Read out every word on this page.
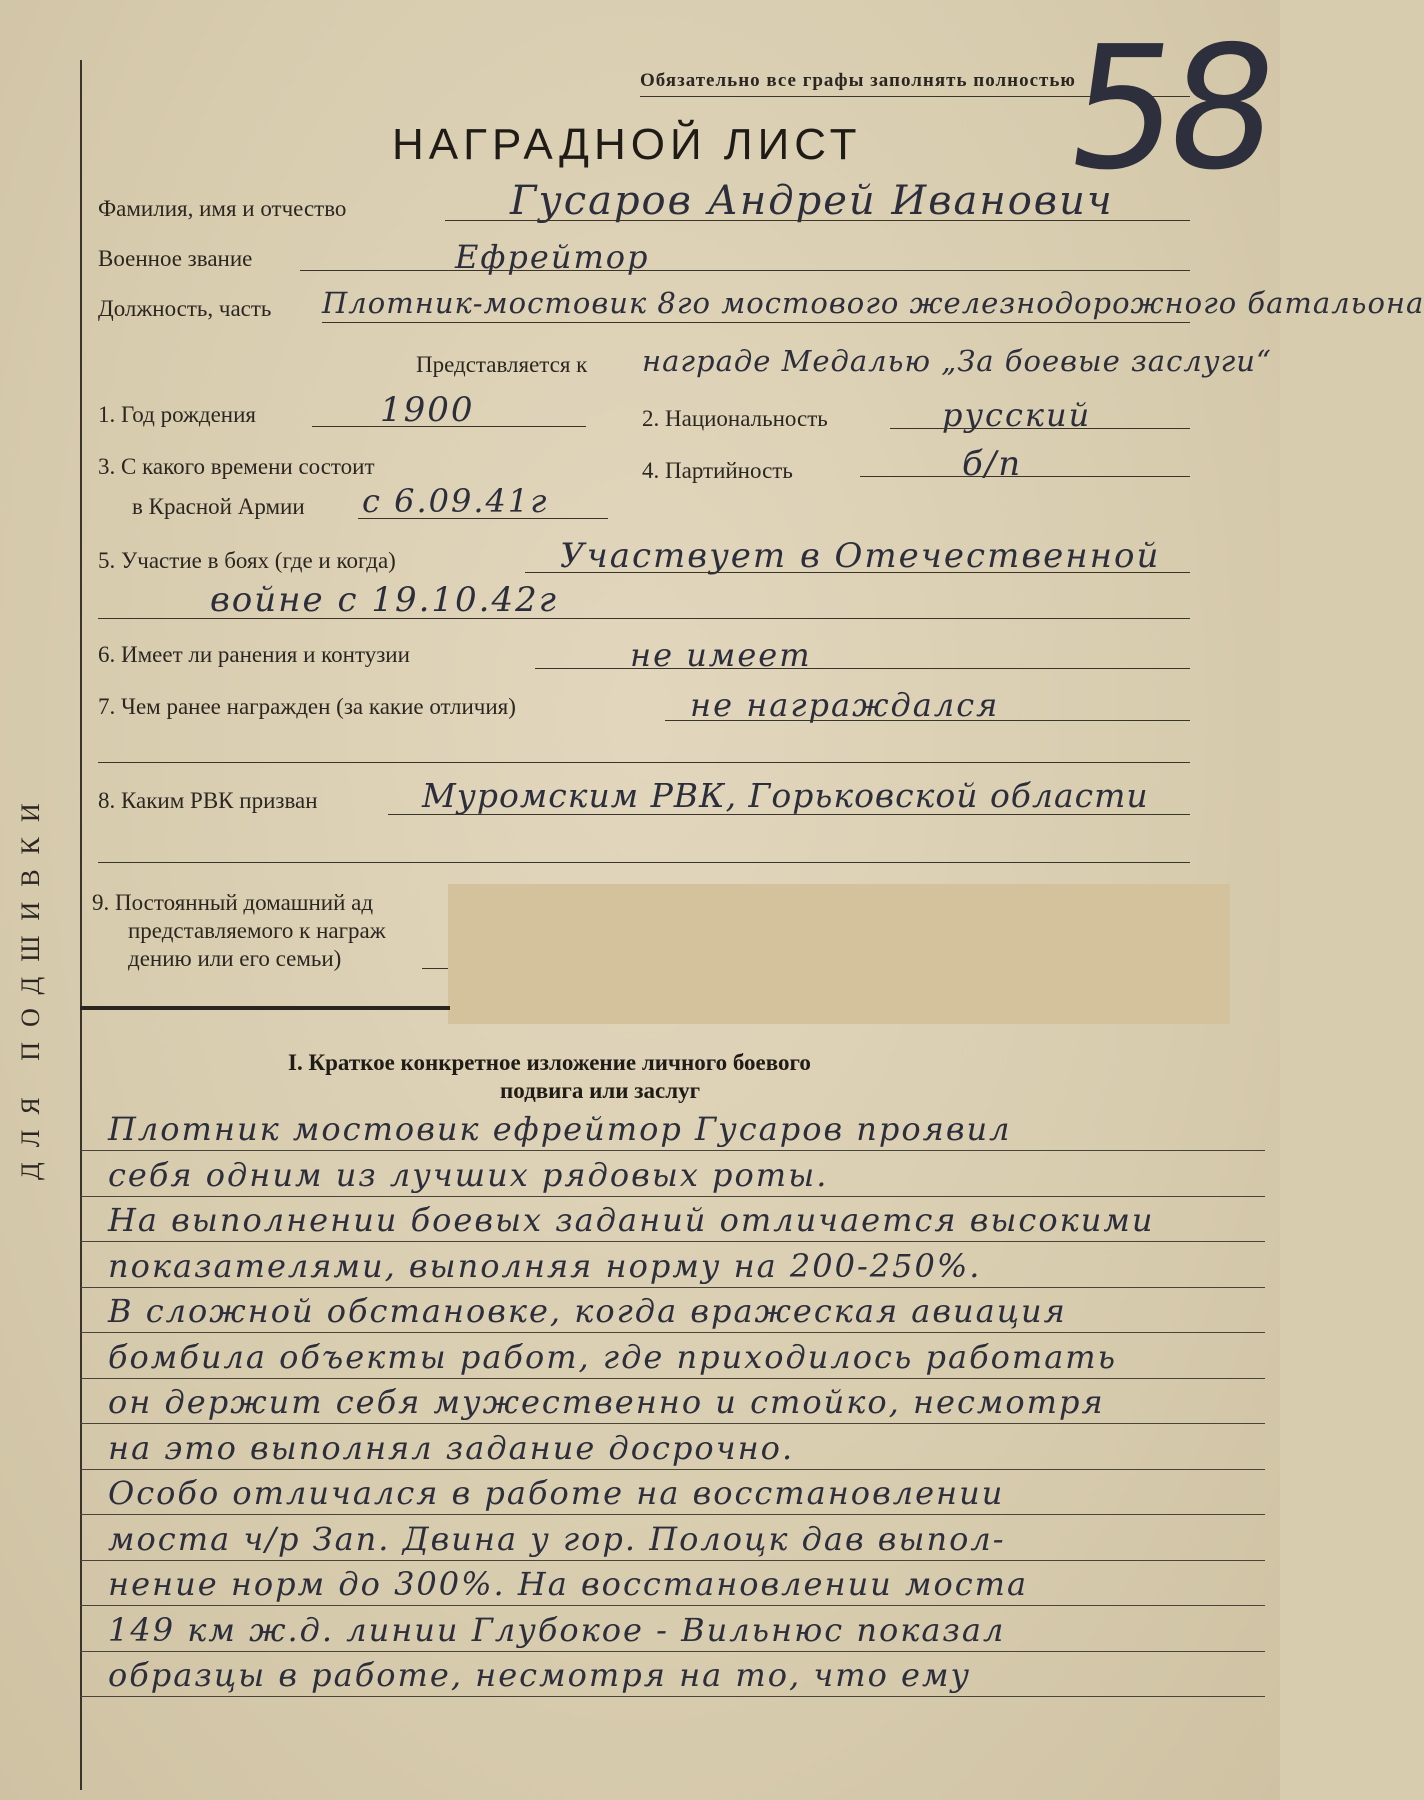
ДЛЯ ПОДШИВКИ
Обязательно все графы заполнять полностью
НАГРАДНОЙ ЛИСТ 58
Фамилия, имя и отчество	Гусаров Андрей Иванович
Военное звание	Ефрейтор
Должность, часть Плотник-мостовик 8го мостового железнодорожного батальона
Представляется к награде Медалью „За боевые заслуги“
1. Год рождения	1900	2. Национальность	русский
3. С какого времени состоит
в Красной Армии с 6.09.41г
4. Партийность	б/п
5. Участие в боях (где и когда)	Участвует в Отечественной
войне с 19.10.42г
6. Имеет ли ранения и контузии	не имеет
7. Чем ранее награжден (за какие отличия)	не награждался
8. Каким РВК призван	Муромским РВК, Горьковской области
9. Постоянный домашний ад
представляемого к награж
дению или его семьи)
I. Краткое конкретное изложение личного боевого
подвига или заслуг
Плотник мостовик ефрейтор Гусаров проявил
себя одним из лучших рядовых роты.
На выполнении боевых заданий отличается высокими
показателями, выполняя норму на 200-250%.
В сложной обстановке, когда вражеская авиация
бомбила объекты работ, где приходилось работать
он держит себя мужественно и стойко, несмотря
на это выполнял задание досрочно.
Особо отличался в работе на восстановлении
моста ч/р Зап. Двина у гор. Полоцк дав выпол-
нение норм до 300%. На восстановлении моста
149 км ж.д. линии Глубокое - Вильнюс показал
образцы в работе, несмотря на то, что ему
